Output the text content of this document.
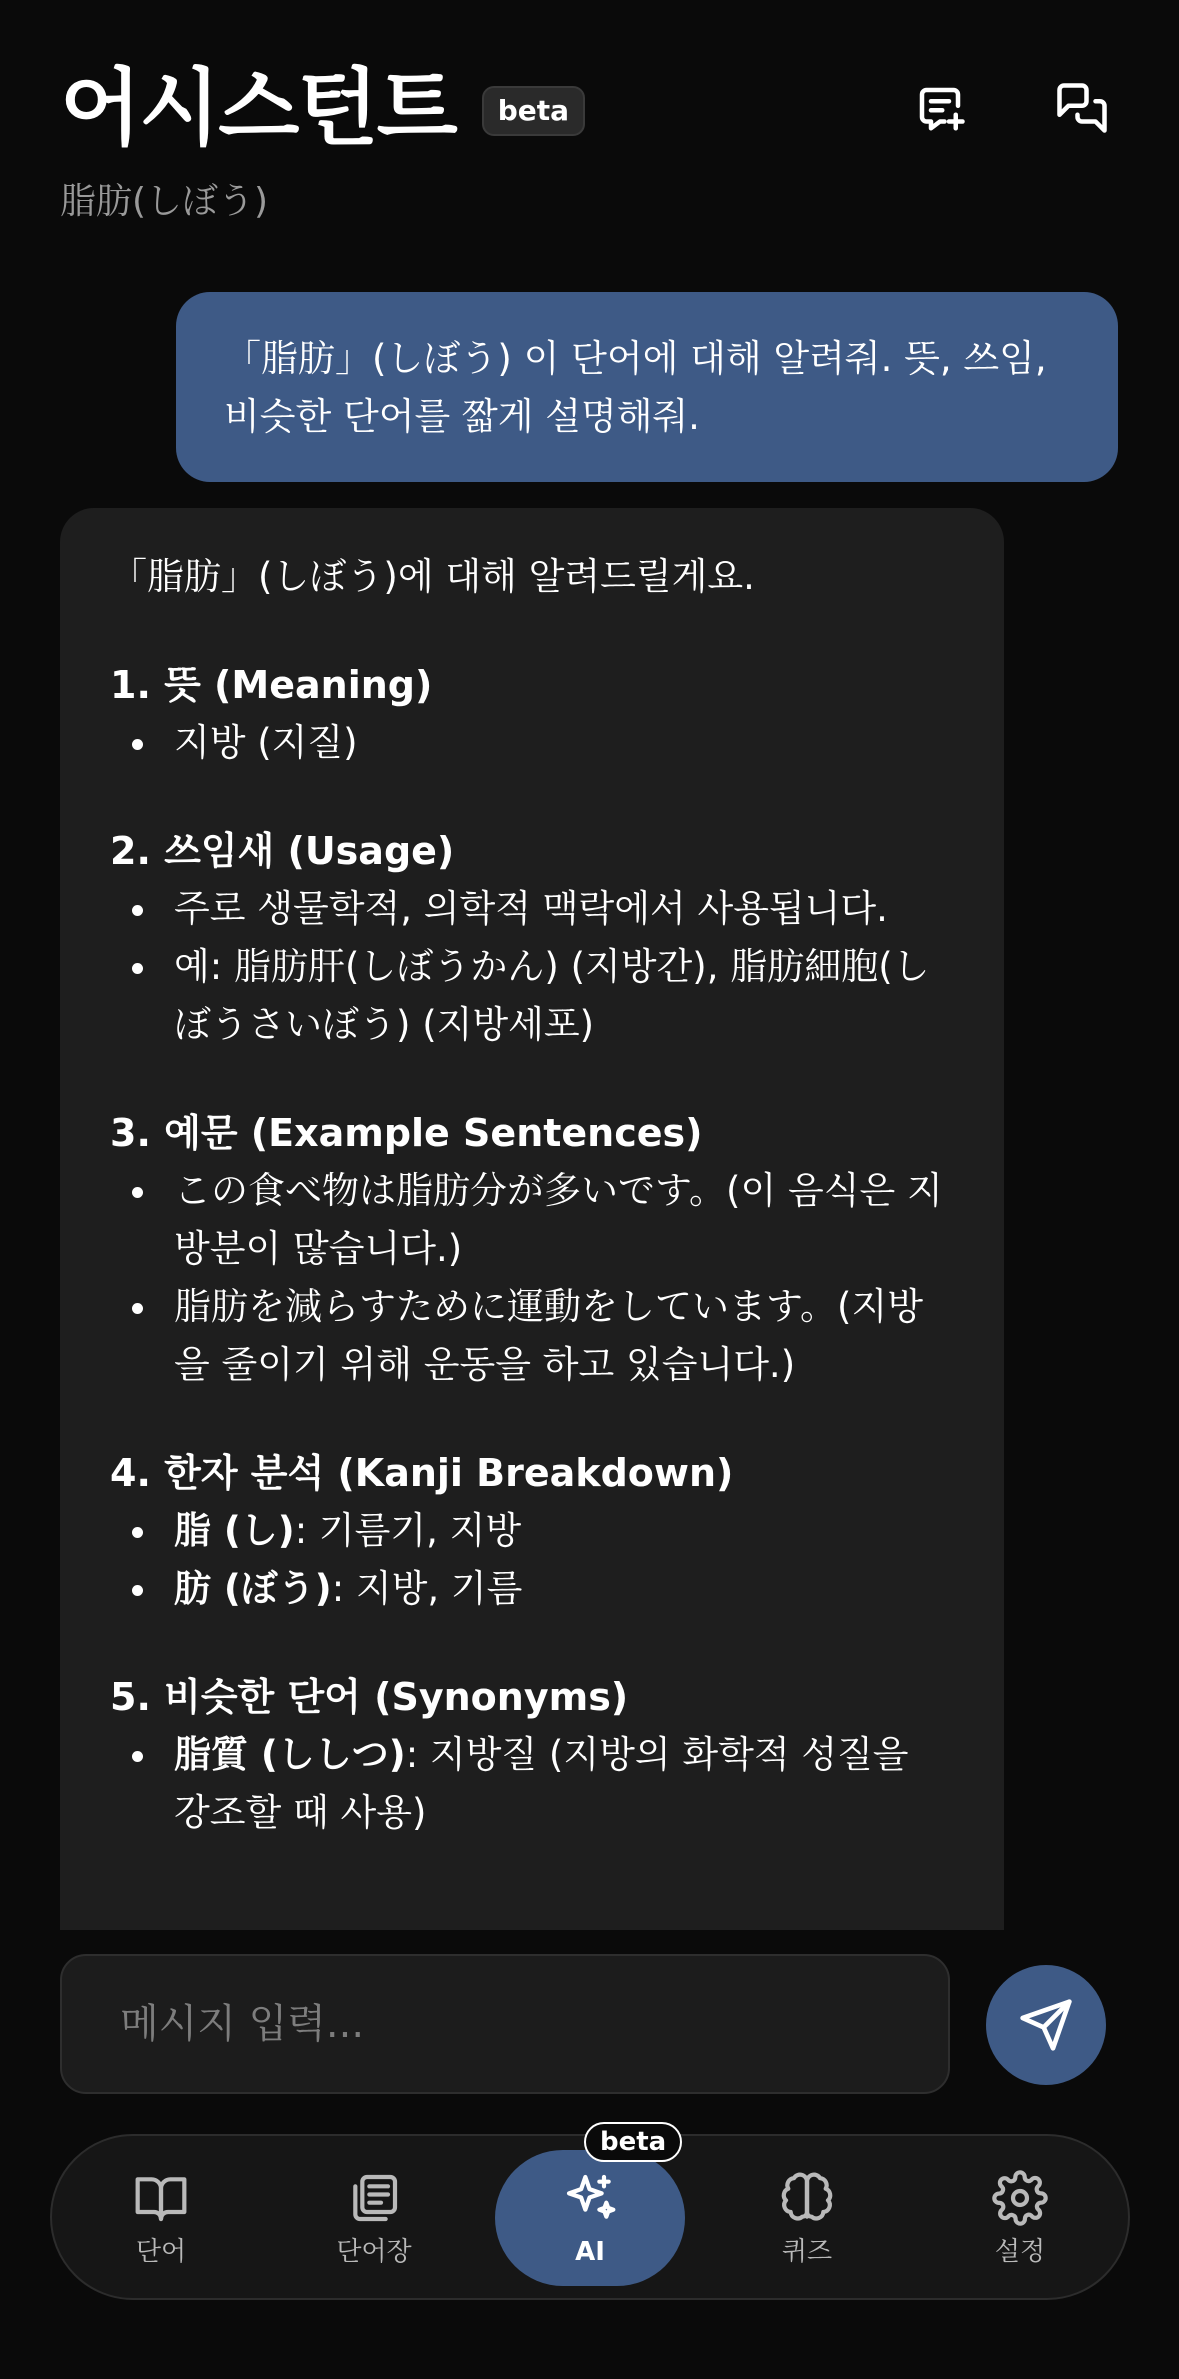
어시스턴트	beta
脂肪(しぼう)
「脂肪」(しぼう) 이 단어에 대해 알려줘. 뜻, 쓰임, 비슷한 단어를 짧게 설명해줘.
「脂肪」(しぼう)에 대해 알려드릴게요.
1. 뜻 (Meaning)
지방 (지질)
2. 쓰임새 (Usage)
주로 생물학적, 의학적 맥락에서 사용됩니다.
예: 脂肪肝(しぼうかん) (지방간), 脂肪細胞(しぼうさいぼう) (지방세포)
3. 예문 (Example Sentences)
この食べ物は脂肪分が多いです。(이 음식은 지방분이 많습니다.)
脂肪を減らすために運動をしています。(지방을 줄이기 위해 운동을 하고 있습니다.)
4. 한자 분석 (Kanji Breakdown)
脂 (し): 기름기, 지방
肪 (ぼう): 지방, 기름
5. 비슷한 단어 (Synonyms)
脂質 (ししつ): 지방질 (지방의 화학적 성질을 강조할 때 사용)
메시지 입력...
단어	단어장	AI
beta
퀴즈	설정
